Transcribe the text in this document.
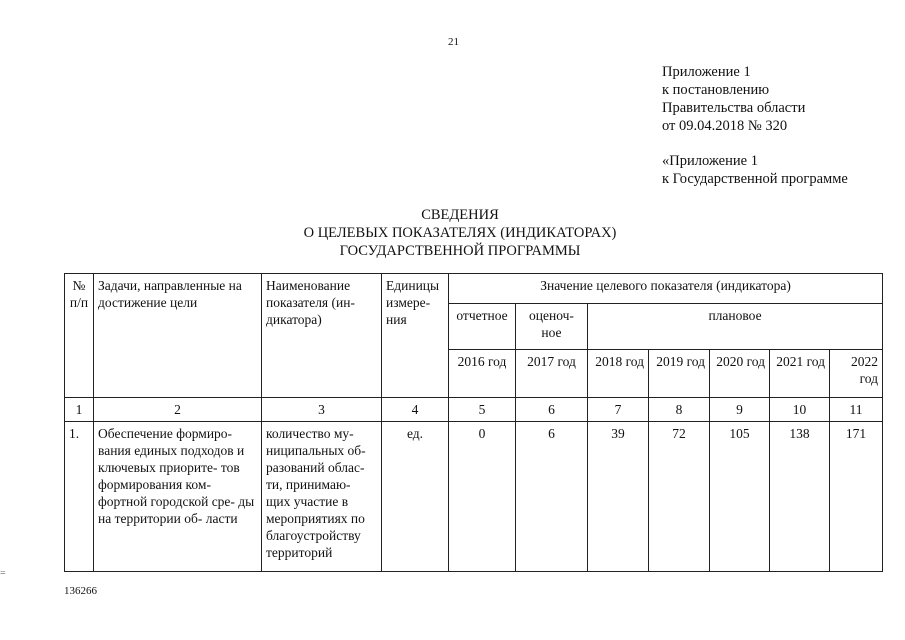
21
Приложение 1
к постановлению
Правительства области
от 09.04.2018 № 320
«Приложение 1
к Государственной программе
СВЕДЕНИЯ
О ЦЕЛЕВЫХ ПОКАЗАТЕЛЯХ (ИНДИКАТОРАХ)
ГОСУДАРСТВЕННОЙ ПРОГРАММЫ
№ п/п	Задачи, направленные на достижение цели	Наименование показателя (ин- дикатора)	Единицы измере- ния	Значение целевого показателя (индикатора)						
				отчетное	оценоч- ное	плановое				
				2016 год	2017 год	2018 год	2019 год	2020 год	2021 год	2022 год
1	2	3	4	5	6	7	8	9	10	11
1.	Обеспечение формиро- вания единых подходов и ключевых приорите- тов формирования ком- фортной городской сре- ды на территории об- ласти	количество му- ниципальных об- разований облас- ти, принимаю- щих участие в мероприятиях по благоустройству территорий	ед.	0	6	39	72	105	138	171
=
136266
